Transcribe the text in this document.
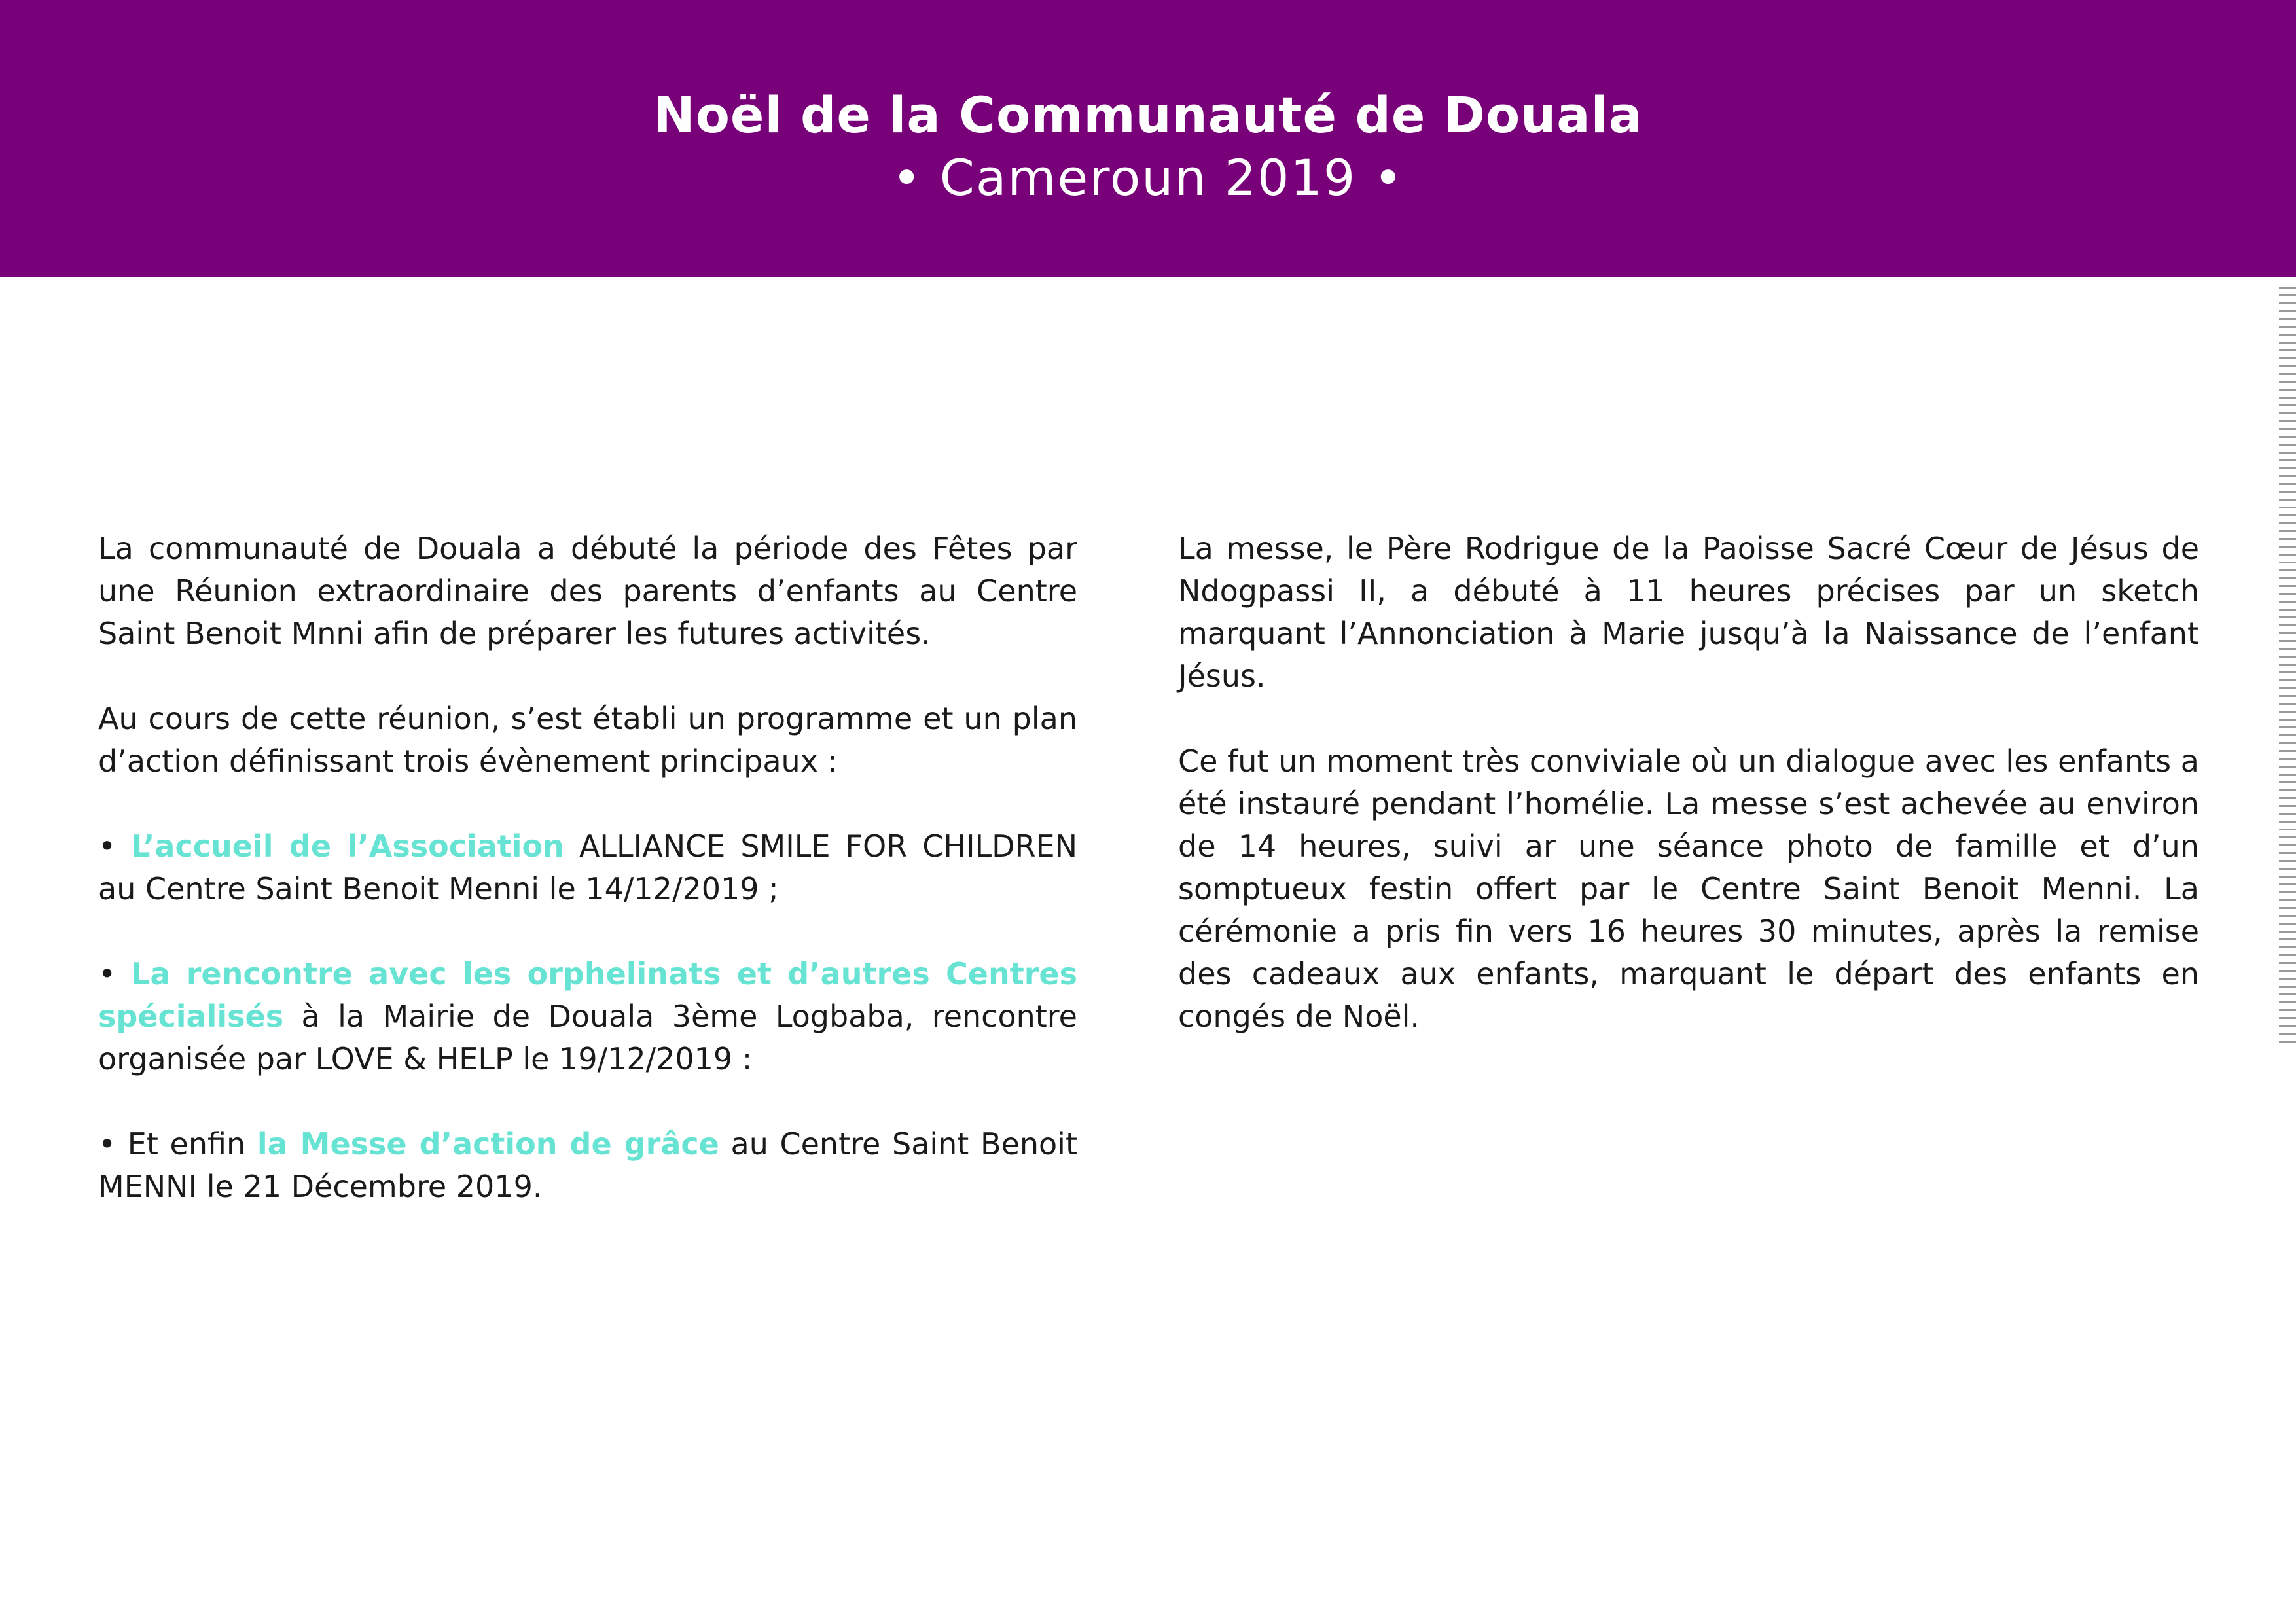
Noël de la Communauté de Douala
• Cameroun 2019 •

La communauté de Douala a débuté la période des Fêtes par une Réunion extraordinaire des parents d’enfants au Centre Saint Benoit Mnni afin de préparer les futures activités.

Au cours de cette réunion, s’est établi un programme et un plan d’action définissant trois évènement principaux :

• L’accueil de l’Association ALLIANCE SMILE FOR CHILDREN au Centre Saint Benoit Menni le 14/12/2019 ;

• La rencontre avec les orphelinats et d’autres Centres spécialisés à la Mairie de Douala 3ème Logbaba, rencontre organisée par LOVE & HELP le 19/12/2019 :

• Et enfin la Messe d’action de grâce au Centre Saint Benoit MENNI le 21 Décembre 2019.

La messe, le Père Rodrigue de la Paoisse Sacré Cœur de Jésus de Ndogpassi II, a débuté à 11 heures précises par un sketch marquant l’Annonciation à Marie jusqu’à la Naissance de l’enfant Jésus.

Ce fut un moment très conviviale où un dialogue avec les enfants a été instauré pendant l’homélie. La messe s’est achevée au environ de 14 heures, suivi ar une séance photo de famille et d’un somptueux festin offert par le Centre Saint Benoit Menni. La cérémonie a pris fin vers 16 heures 30 minutes, après la remise des cadeaux aux enfants, marquant le départ des enfants en congés de Noël.
